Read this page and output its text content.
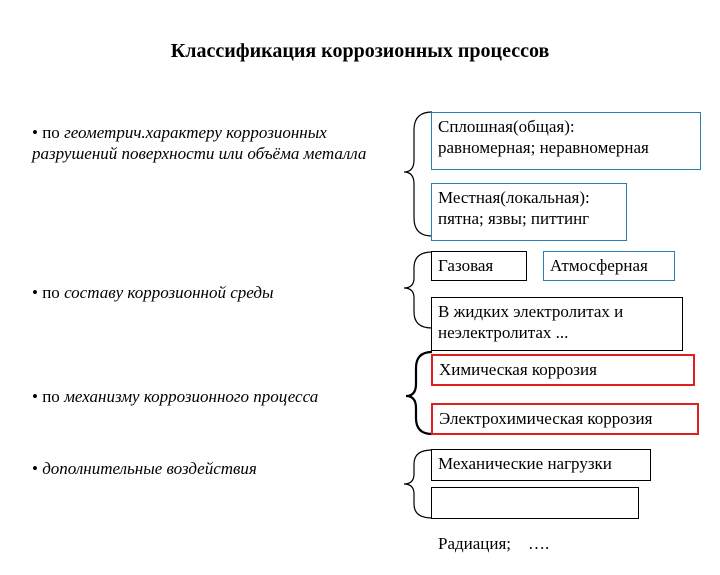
Классификация коррозионных процессов
• по геометрич.характеру коррозионных разрушений поверхности или объёма металла
• по составу коррозионной среды
• по механизму коррозионного процесса
• дополнительные воздействия
Сплошная(общая):
равномерная; неравномерная
Местная(локальная):
пятна; язвы; питтинг
Газовая	Атмосферная
В жидких электролитах и
неэлектролитах ...
Химическая коррозия
Электрохимическая коррозия
Механические нагрузки

Радиация;    ….
